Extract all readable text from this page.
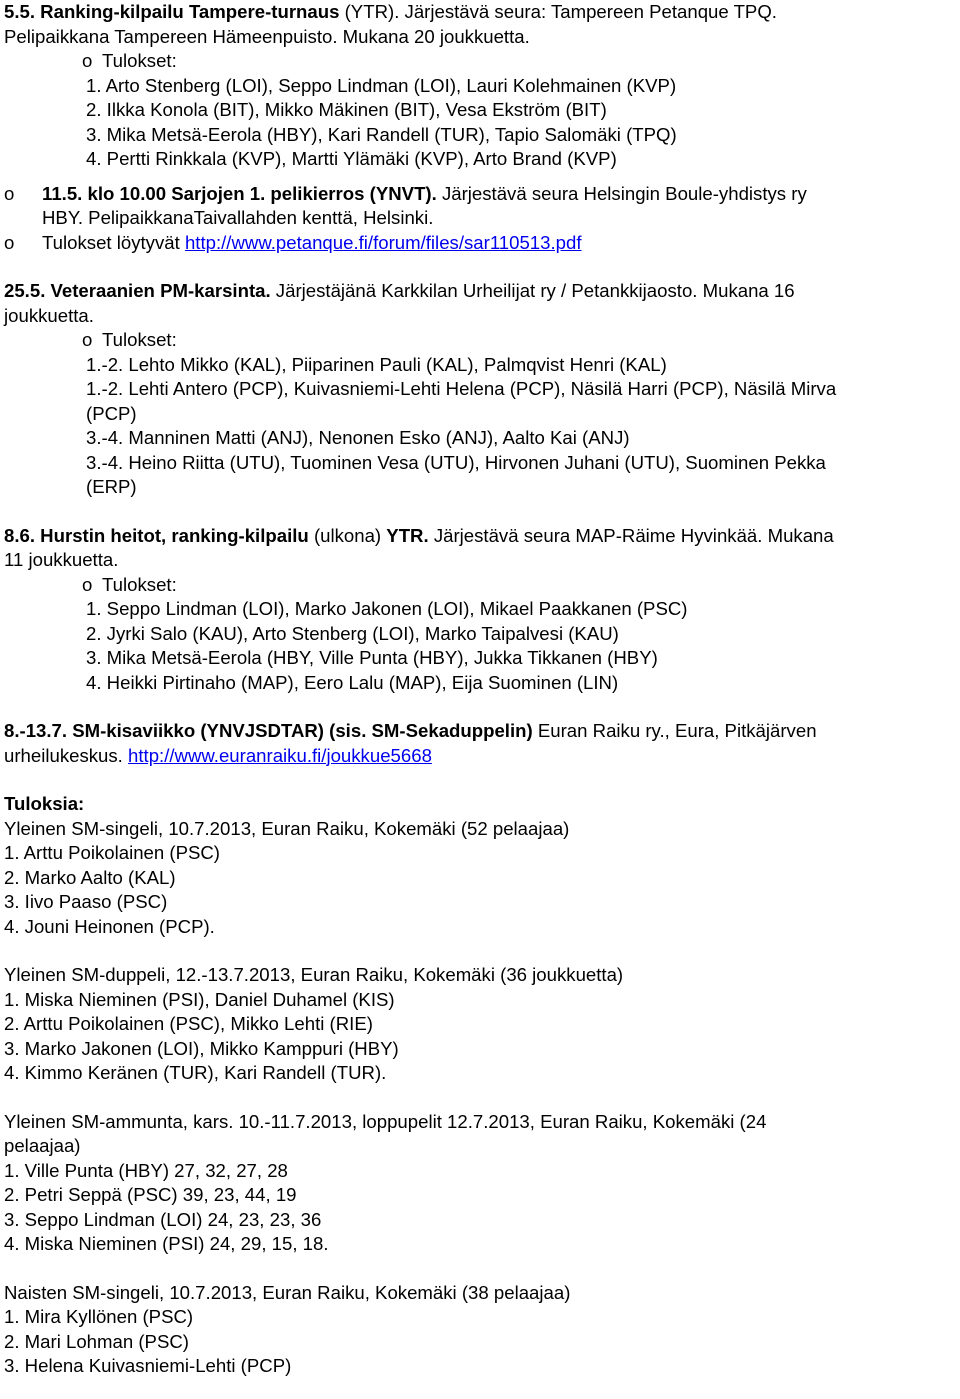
5.5. Ranking-kilpailu Tampere-turnaus (YTR). Järjestävä seura: Tampereen Petanque TPQ.
Pelipaikkana Tampereen Hämeenpuisto. Mukana 20 joukkuetta.
o Tulokset:
1. Arto Stenberg (LOI), Seppo Lindman (LOI), Lauri Kolehmainen (KVP)
2. Ilkka Konola (BIT), Mikko Mäkinen (BIT), Vesa Ekström (BIT)
3. Mika Metsä-Eerola (HBY), Kari Randell (TUR), Tapio Salomäki (TPQ)
4. Pertti Rinkkala (KVP), Martti Ylämäki (KVP), Arto Brand (KVP)
o 11.5. klo 10.00 Sarjojen 1. pelikierros (YNVT). Järjestävä seura Helsingin Boule-yhdistys ry
HBY. PelipaikkanaTaivallahden kenttä, Helsinki.
o Tulokset löytyvät http://www.petanque.fi/forum/files/sar110513.pdf
25.5. Veteraanien PM-karsinta. Järjestäjänä Karkkilan Urheilijat ry / Petankkijaosto. Mukana 16
joukkuetta.
o Tulokset:
1.-2. Lehto Mikko (KAL), Piiparinen Pauli (KAL), Palmqvist Henri (KAL)
1.-2. Lehti Antero (PCP), Kuivasniemi-Lehti Helena (PCP), Näsilä Harri (PCP), Näsilä Mirva
(PCP)
3.-4. Manninen Matti (ANJ), Nenonen Esko (ANJ), Aalto Kai (ANJ)
3.-4. Heino Riitta (UTU), Tuominen Vesa (UTU), Hirvonen Juhani (UTU), Suominen Pekka
(ERP)
8.6. Hurstin heitot, ranking-kilpailu (ulkona) YTR. Järjestävä seura MAP-Räime Hyvinkää. Mukana
11 joukkuetta.
o Tulokset:
1. Seppo Lindman (LOI), Marko Jakonen (LOI), Mikael Paakkanen (PSC)
2. Jyrki Salo (KAU), Arto Stenberg (LOI), Marko Taipalvesi (KAU)
3. Mika Metsä-Eerola (HBY, Ville Punta (HBY), Jukka Tikkanen (HBY)
4. Heikki Pirtinaho (MAP), Eero Lalu (MAP), Eija Suominen (LIN)
8.-13.7. SM-kisaviikko (YNVJSDTAR) (sis. SM-Sekaduppelin) Euran Raiku ry., Eura, Pitkäjärven
urheilukeskus. http://www.euranraiku.fi/joukkue5668
Tuloksia:
Yleinen SM-singeli, 10.7.2013, Euran Raiku, Kokemäki (52 pelaajaa)
1. Arttu Poikolainen (PSC)
2. Marko Aalto (KAL)
3. Iivo Paaso (PSC)
4. Jouni Heinonen (PCP).
Yleinen SM-duppeli, 12.-13.7.2013, Euran Raiku, Kokemäki (36 joukkuetta)
1. Miska Nieminen (PSI), Daniel Duhamel (KIS)
2. Arttu Poikolainen (PSC), Mikko Lehti (RIE)
3. Marko Jakonen (LOI), Mikko Kamppuri (HBY)
4. Kimmo Keränen (TUR), Kari Randell (TUR).
Yleinen SM-ammunta, kars. 10.-11.7.2013, loppupelit 12.7.2013, Euran Raiku, Kokemäki (24
pelaajaa)
1. Ville Punta (HBY) 27, 32, 27, 28
2. Petri Seppä (PSC) 39, 23, 44, 19
3. Seppo Lindman (LOI) 24, 23, 23, 36
4. Miska Nieminen (PSI) 24, 29, 15, 18.
Naisten SM-singeli, 10.7.2013, Euran Raiku, Kokemäki (38 pelaajaa)
1. Mira Kyllönen (PSC)
2. Mari Lohman (PSC)
3. Helena Kuivasniemi-Lehti (PCP)
